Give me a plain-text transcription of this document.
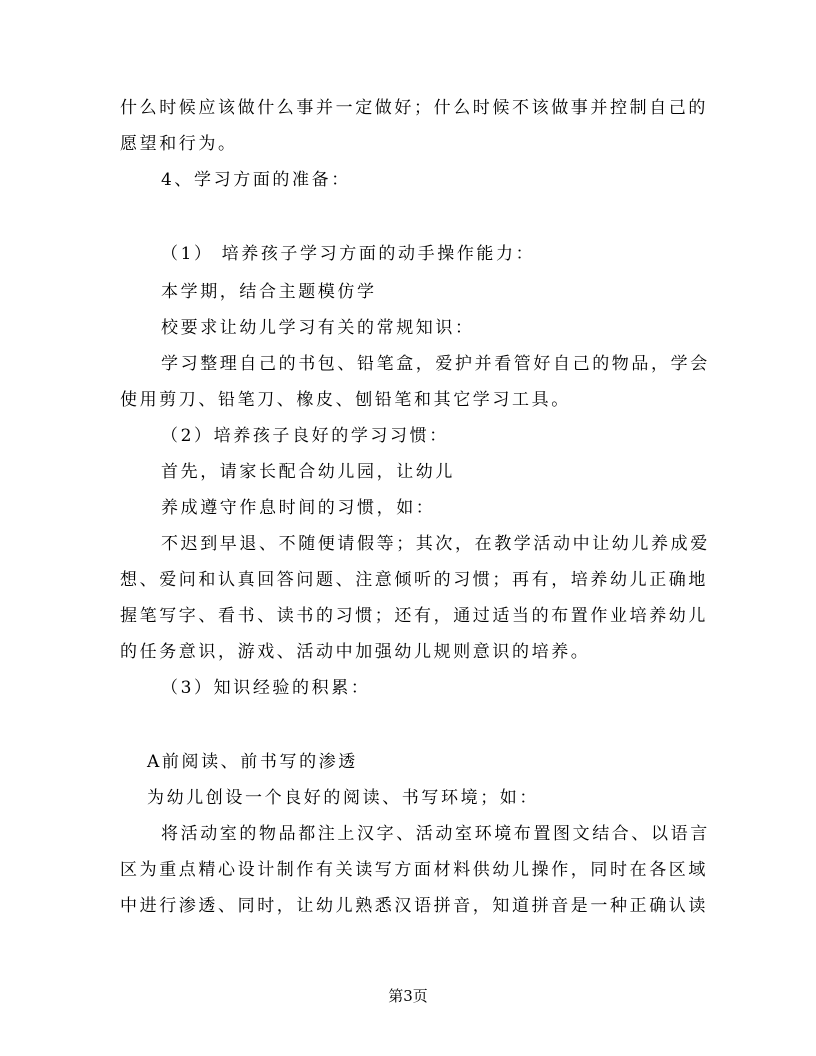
什么时候应该做什么事并一定做好；什么时候不该做事并控制自己的
愿望和行为。
4、学习方面的准备：
（1） 培养孩子学习方面的动手操作能力：
本学期，结合主题模仿学
校要求让幼儿学习有关的常规知识：
学习整理自己的书包、铅笔盒，爱护并看管好自己的物品，学会
使用剪刀、铅笔刀、橡皮、刨铅笔和其它学习工具。
（2）培养孩子良好的学习习惯：
首先，请家长配合幼儿园，让幼儿
养成遵守作息时间的习惯，如：
不迟到早退、不随便请假等；其次，在教学活动中让幼儿养成爱
想、爱问和认真回答问题、注意倾听的习惯；再有，培养幼儿正确地
握笔写字、看书、读书的习惯；还有，通过适当的布置作业培养幼儿
的任务意识，游戏、活动中加强幼儿规则意识的培养。
（3）知识经验的积累：
A前阅读、前书写的渗透
为幼儿创设一个良好的阅读、书写环境；如：
将活动室的物品都注上汉字、活动室环境布置图文结合、以语言
区为重点精心设计制作有关读写方面材料供幼儿操作，同时在各区域
中进行渗透、同时，让幼儿熟悉汉语拼音，知道拼音是一种正确认读
第3页
